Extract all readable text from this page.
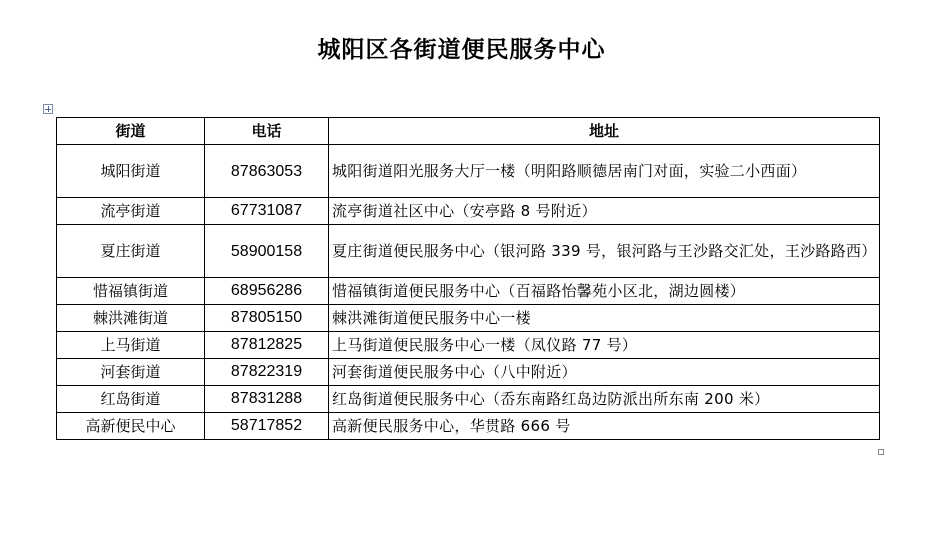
城阳区各街道便民服务中心
街道	电话	地址
城阳街道	87863053	城阳街道阳光服务大厅一楼（明阳路顺德居南门对面，实验二小西面）
流亭街道	67731087	流亭街道社区中心（安亭路 8 号附近）
夏庄街道	58900158	夏庄街道便民服务中心（银河路 339 号，银河路与王沙路交汇处，王沙路路西）
惜福镇街道	68956286	惜福镇街道便民服务中心（百福路怡馨苑小区北，湖边圆楼）
棘洪滩街道	87805150	棘洪滩街道便民服务中心一楼
上马街道	87812825	上马街道便民服务中心一楼（凤仪路 77 号）
河套街道	87822319	河套街道便民服务中心（八中附近）
红岛街道	87831288	红岛街道便民服务中心（岙东南路红岛边防派出所东南 200 米）
高新便民中心	58717852	高新便民服务中心，华贯路 666 号
